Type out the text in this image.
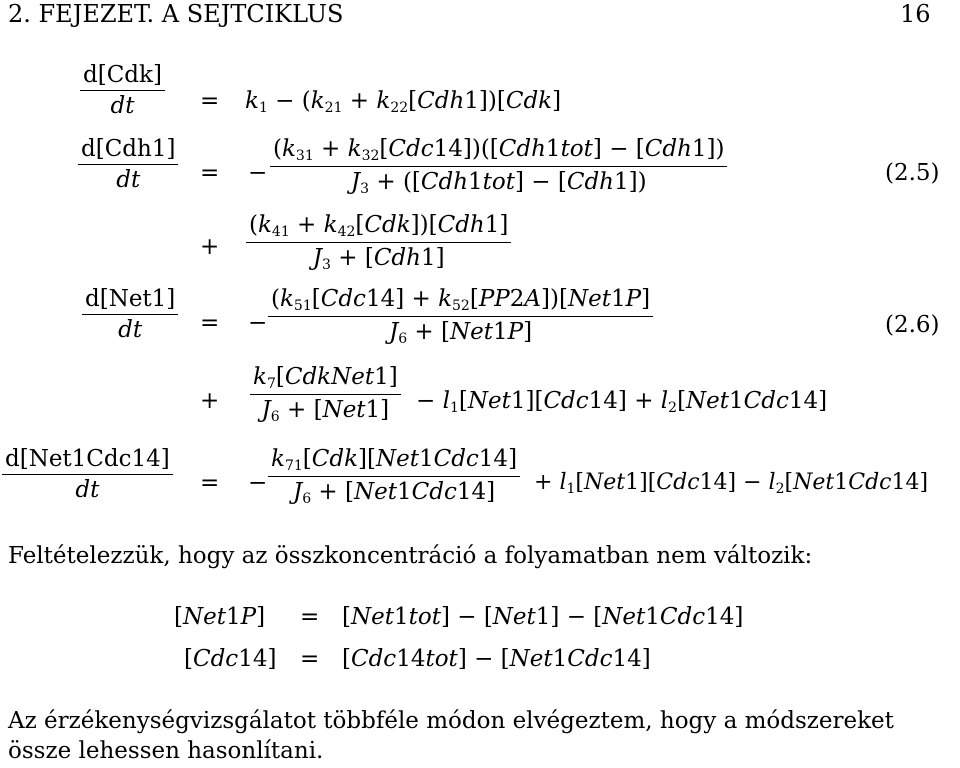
2. FEJEZET. A SEJTCIKLUS	16
d[Cdk]
dt	= $k_1 - (k_{21} + k_{22}[Cdh1])[Cdk]$
d[Cdh1]
dt	= −
$(k_{31} + k_{32}[Cdc14])([Cdh1tot] - [Cdh1])$
$J_3 + ([Cdh1tot] - [Cdh1])$	(2.5)
+
$(k_{41} + k_{42}[Cdk])[Cdh1]$
$J_3 + [Cdh1]$
d[Net1]
dt	= −
$(k_{51}[Cdc14] + k_{52}[PP2A])[Net1P]$
$J_6 + [Net1P]$	(2.6)
+
$k_7[CdkNet1]$
$J_6 + [Net1]$	− $l_1[Net1][Cdc14] + l_2[Net1Cdc14]$
d[Net1Cdc14]
dt	= −
$k_{71}[Cdk][Net1Cdc14]$
$J_6 + [Net1Cdc14]$	+ $l_1[Net1][Cdc14] - l_2[Net1Cdc14]$
Feltételezzük, hogy az összkoncentráció a folyamatban nem változik:
[Net1P] = [Net1tot] − [Net1] − [Net1Cdc14]
[Cdc14] = [Cdc14tot] − [Net1Cdc14]
Az érzékenységvizsgálatot többféle módon elvégeztem, hogy a módszereket
össze lehessen hasonlítani.
